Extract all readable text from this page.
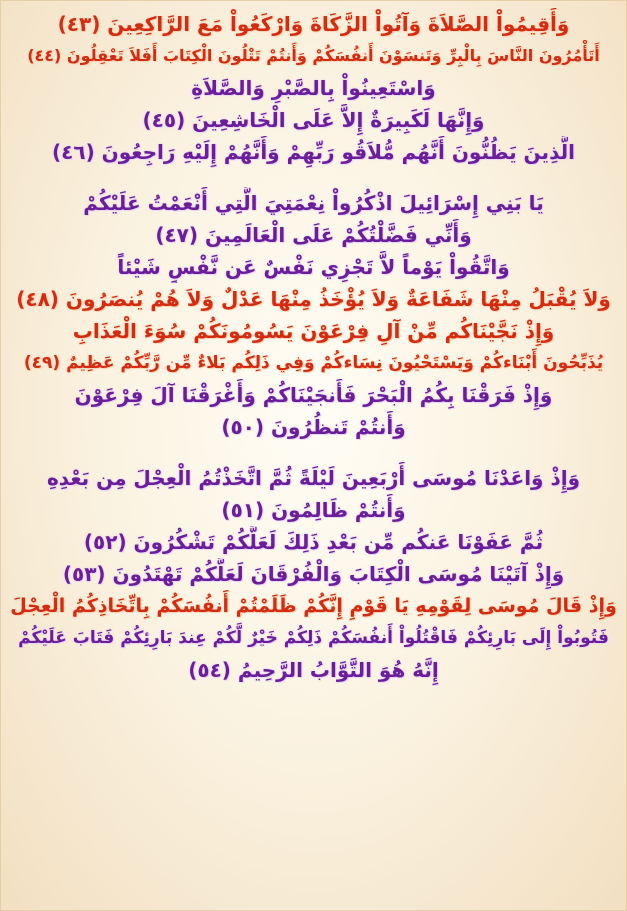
وَأَقِيمُواْ الصَّلاَةَ وَآتُواْ الزَّكَاةَ وَارْكَعُواْ مَعَ الرَّاكِعِينَ (٤٣)

أَتَأْمُرُونَ النَّاسَ بِالْبِرِّ وَتَنسَوْنَ أَنفُسَكُمْ وَأَنتُمْ تَتْلُونَ الْكِتَابَ أَفَلاَ تَعْقِلُونَ (٤٤)

وَاسْتَعِينُواْ بِالصَّبْرِ وَالصَّلاَةِ

وَإِنَّهَا لَكَبِيرَةٌ إِلاَّ عَلَى الْخَاشِعِينَ (٤٥)

الَّذِينَ يَظُنُّونَ أَنَّهُم مُّلاَقُو رَبِّهِمْ وَأَنَّهُمْ إِلَيْهِ رَاجِعُونَ (٤٦)

يَا بَنِي إِسْرَائِيلَ اذْكُرُواْ نِعْمَتِيَ الَّتِي أَنْعَمْتُ عَلَيْكُمْ

وَأَنِّي فَضَّلْتُكُمْ عَلَى الْعَالَمِينَ (٤٧)

وَاتَّقُواْ يَوْماً لاَّ تَجْزِي نَفْسٌ عَن نَّفْسٍ شَيْئاً

وَلاَ يُقْبَلُ مِنْهَا شَفَاعَةٌ وَلاَ يُؤْخَذُ مِنْهَا عَدْلٌ وَلاَ هُمْ يُنصَرُونَ (٤٨)

وَإِذْ نَجَّيْنَاكُم مِّنْ آلِ فِرْعَوْنَ يَسُومُونَكُمْ سُوَءَ الْعَذَابِ

يُذَبِّحُونَ أَبْنَاءكُمْ وَيَسْتَحْيُونَ نِسَاءكُمْ وَفِي ذَلِكُم بَلاءٌ مِّن رَّبِّكُمْ عَظِيمٌ (٤٩)

وَإِذْ فَرَقْنَا بِكُمُ الْبَحْرَ فَأَنجَيْنَاكُمْ وَأَغْرَقْنَا آلَ فِرْعَوْنَ

وَأَنتُمْ تَنظُرُونَ (٥٠)

وَإِذْ وَاعَدْنَا مُوسَى أَرْبَعِينَ لَيْلَةً ثُمَّ اتَّخَذْتُمُ الْعِجْلَ مِن بَعْدِهِ

وَأَنتُمْ ظَالِمُونَ (٥١)

ثُمَّ عَفَوْنَا عَنكُم مِّن بَعْدِ ذَلِكَ لَعَلَّكُمْ تَشْكُرُونَ (٥٢)

وَإِذْ آتَيْنَا مُوسَى الْكِتَابَ وَالْفُرْقَانَ لَعَلَّكُمْ تَهْتَدُونَ (٥٣)

وَإِذْ قَالَ مُوسَى لِقَوْمِهِ يَا قَوْمِ إِنَّكُمْ ظَلَمْتُمْ أَنفُسَكُمْ بِاتِّخَاذِكُمُ الْعِجْلَ

فَتُوبُواْ إِلَى بَارِئِكُمْ فَاقْتُلُواْ أَنفُسَكُمْ ذَلِكُمْ خَيْرٌ لَّكُمْ عِندَ بَارِئِكُمْ فَتَابَ عَلَيْكُمْ

إِنَّهُ هُوَ التَّوَّابُ الرَّحِيمُ (٥٤)
